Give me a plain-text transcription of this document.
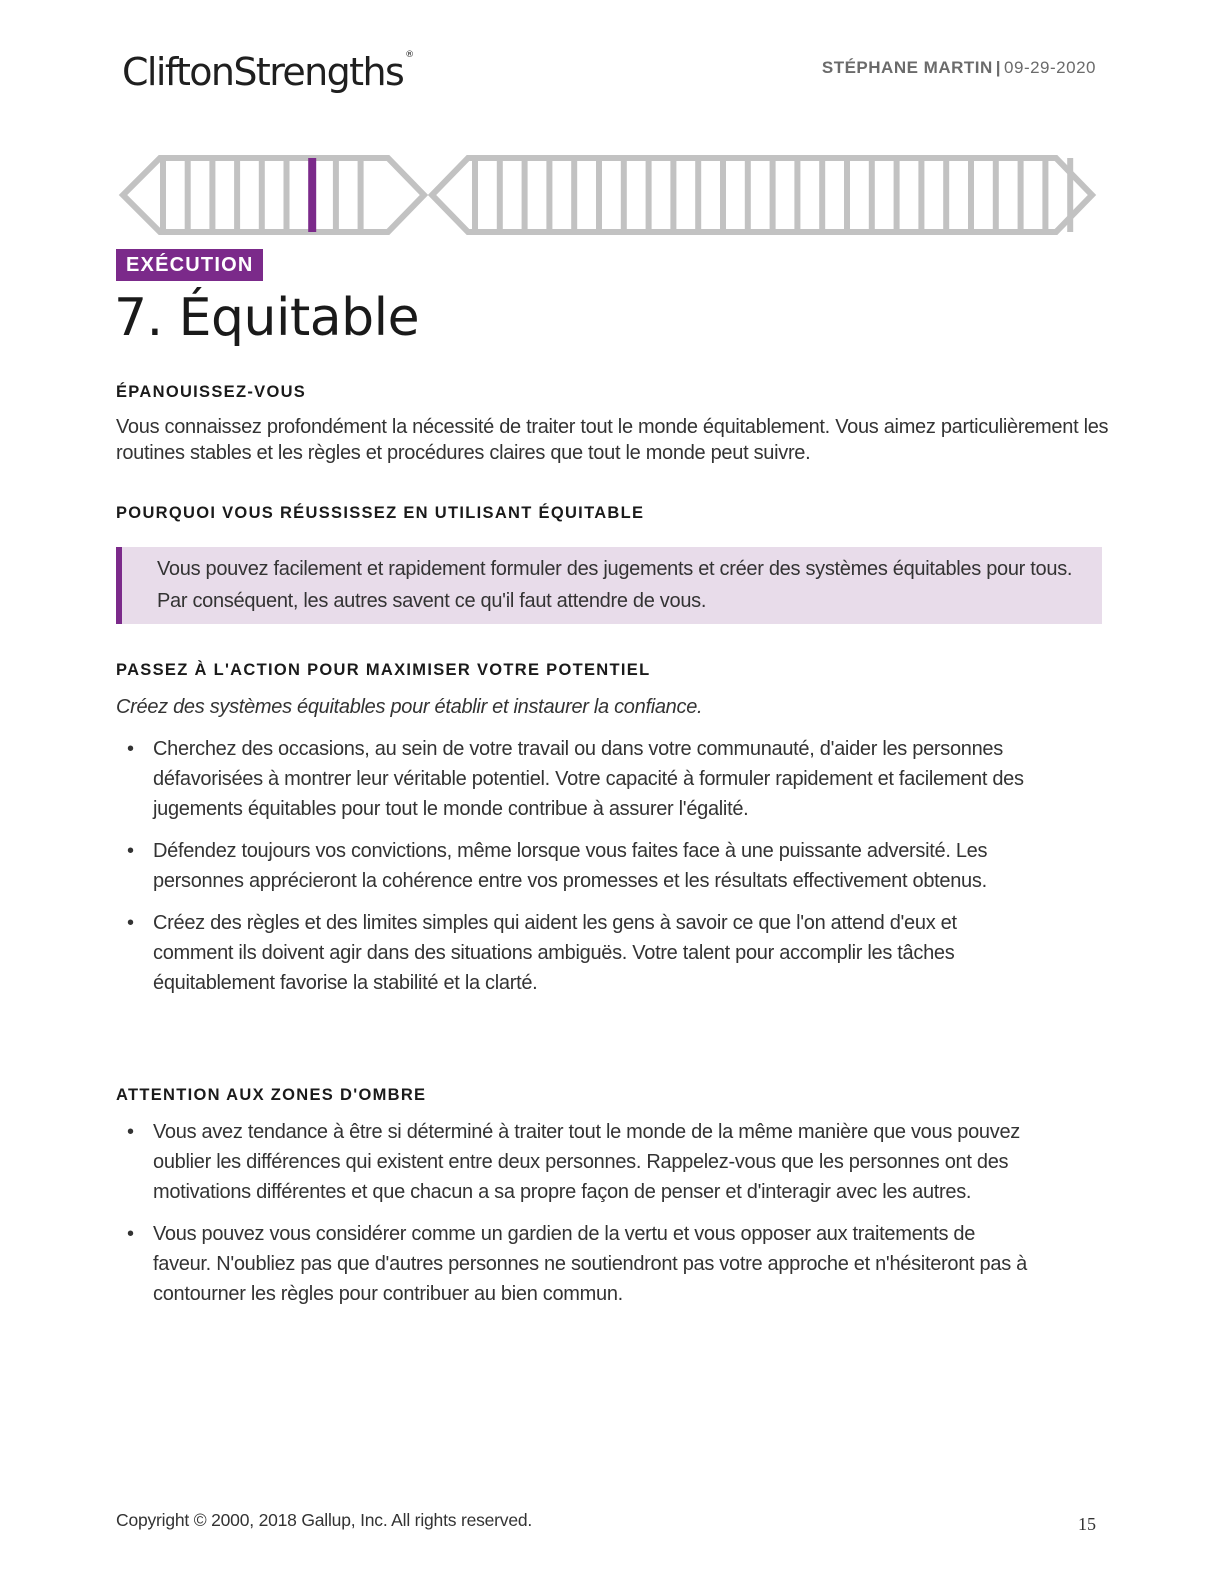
CliftonStrengths ®
STÉPHANE MARTIN | 09-29-2020
EXÉCUTION
7. Équitable
ÉPANOUISSEZ-VOUS

Vous connaissez profondément la nécessité de traiter tout le monde équitablement. Vous aimez particulièrement les routines stables et les règles et procédures claires que tout le monde peut suivre.

POURQUOI VOUS RÉUSSISSEZ EN UTILISANT ÉQUITABLE

Vous pouvez facilement et rapidement formuler des jugements et créer des systèmes équitables pour tous. Par conséquent, les autres savent ce qu'il faut attendre de vous.

PASSEZ À L'ACTION POUR MAXIMISER VOTRE POTENTIEL

Créez des systèmes équitables pour établir et instaurer la confiance.

• Cherchez des occasions, au sein de votre travail ou dans votre communauté, d'aider les personnes défavorisées à montrer leur véritable potentiel. Votre capacité à formuler rapidement et facilement des jugements équitables pour tout le monde contribue à assurer l'égalité.
• Défendez toujours vos convictions, même lorsque vous faites face à une puissante adversité. Les personnes apprécieront la cohérence entre vos promesses et les résultats effectivement obtenus.
• Créez des règles et des limites simples qui aident les gens à savoir ce que l'on attend d'eux et comment ils doivent agir dans des situations ambiguës. Votre talent pour accomplir les tâches équitablement favorise la stabilité et la clarté.
ATTENTION AUX ZONES D'OMBRE
• Vous avez tendance à être si déterminé à traiter tout le monde de la même manière que vous pouvez oublier les différences qui existent entre deux personnes. Rappelez-vous que les personnes ont des motivations différentes et que chacun a sa propre façon de penser et d'interagir avec les autres.
• Vous pouvez vous considérer comme un gardien de la vertu et vous opposer aux traitements de faveur. N'oubliez pas que d'autres personnes ne soutiendront pas votre approche et n'hésiteront pas à contourner les règles pour contribuer au bien commun.
Copyright © 2000, 2018 Gallup, Inc. All rights reserved.	15
